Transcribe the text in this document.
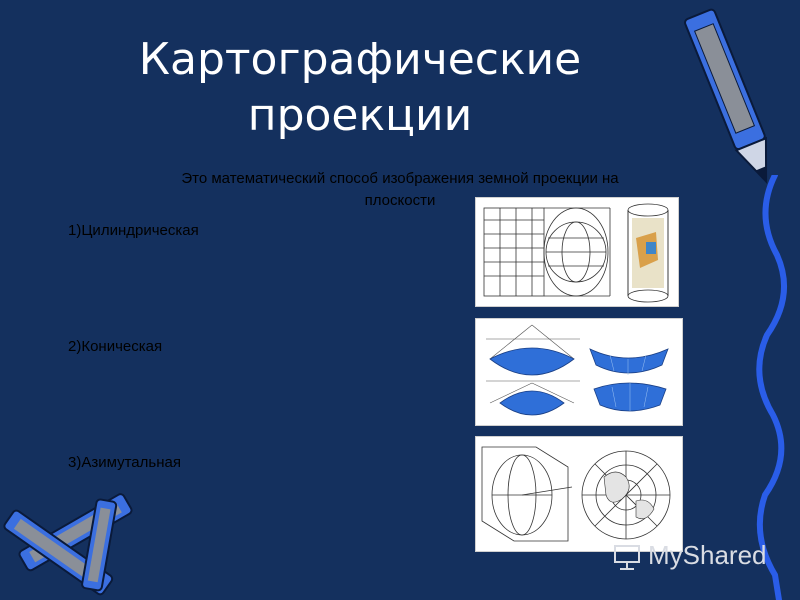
Картографические
проекции
Это математический способ изображения земной проекции на
плоскости
1)Цилиндрическая
2)Коническая
3)Азимутальная
MyShared
